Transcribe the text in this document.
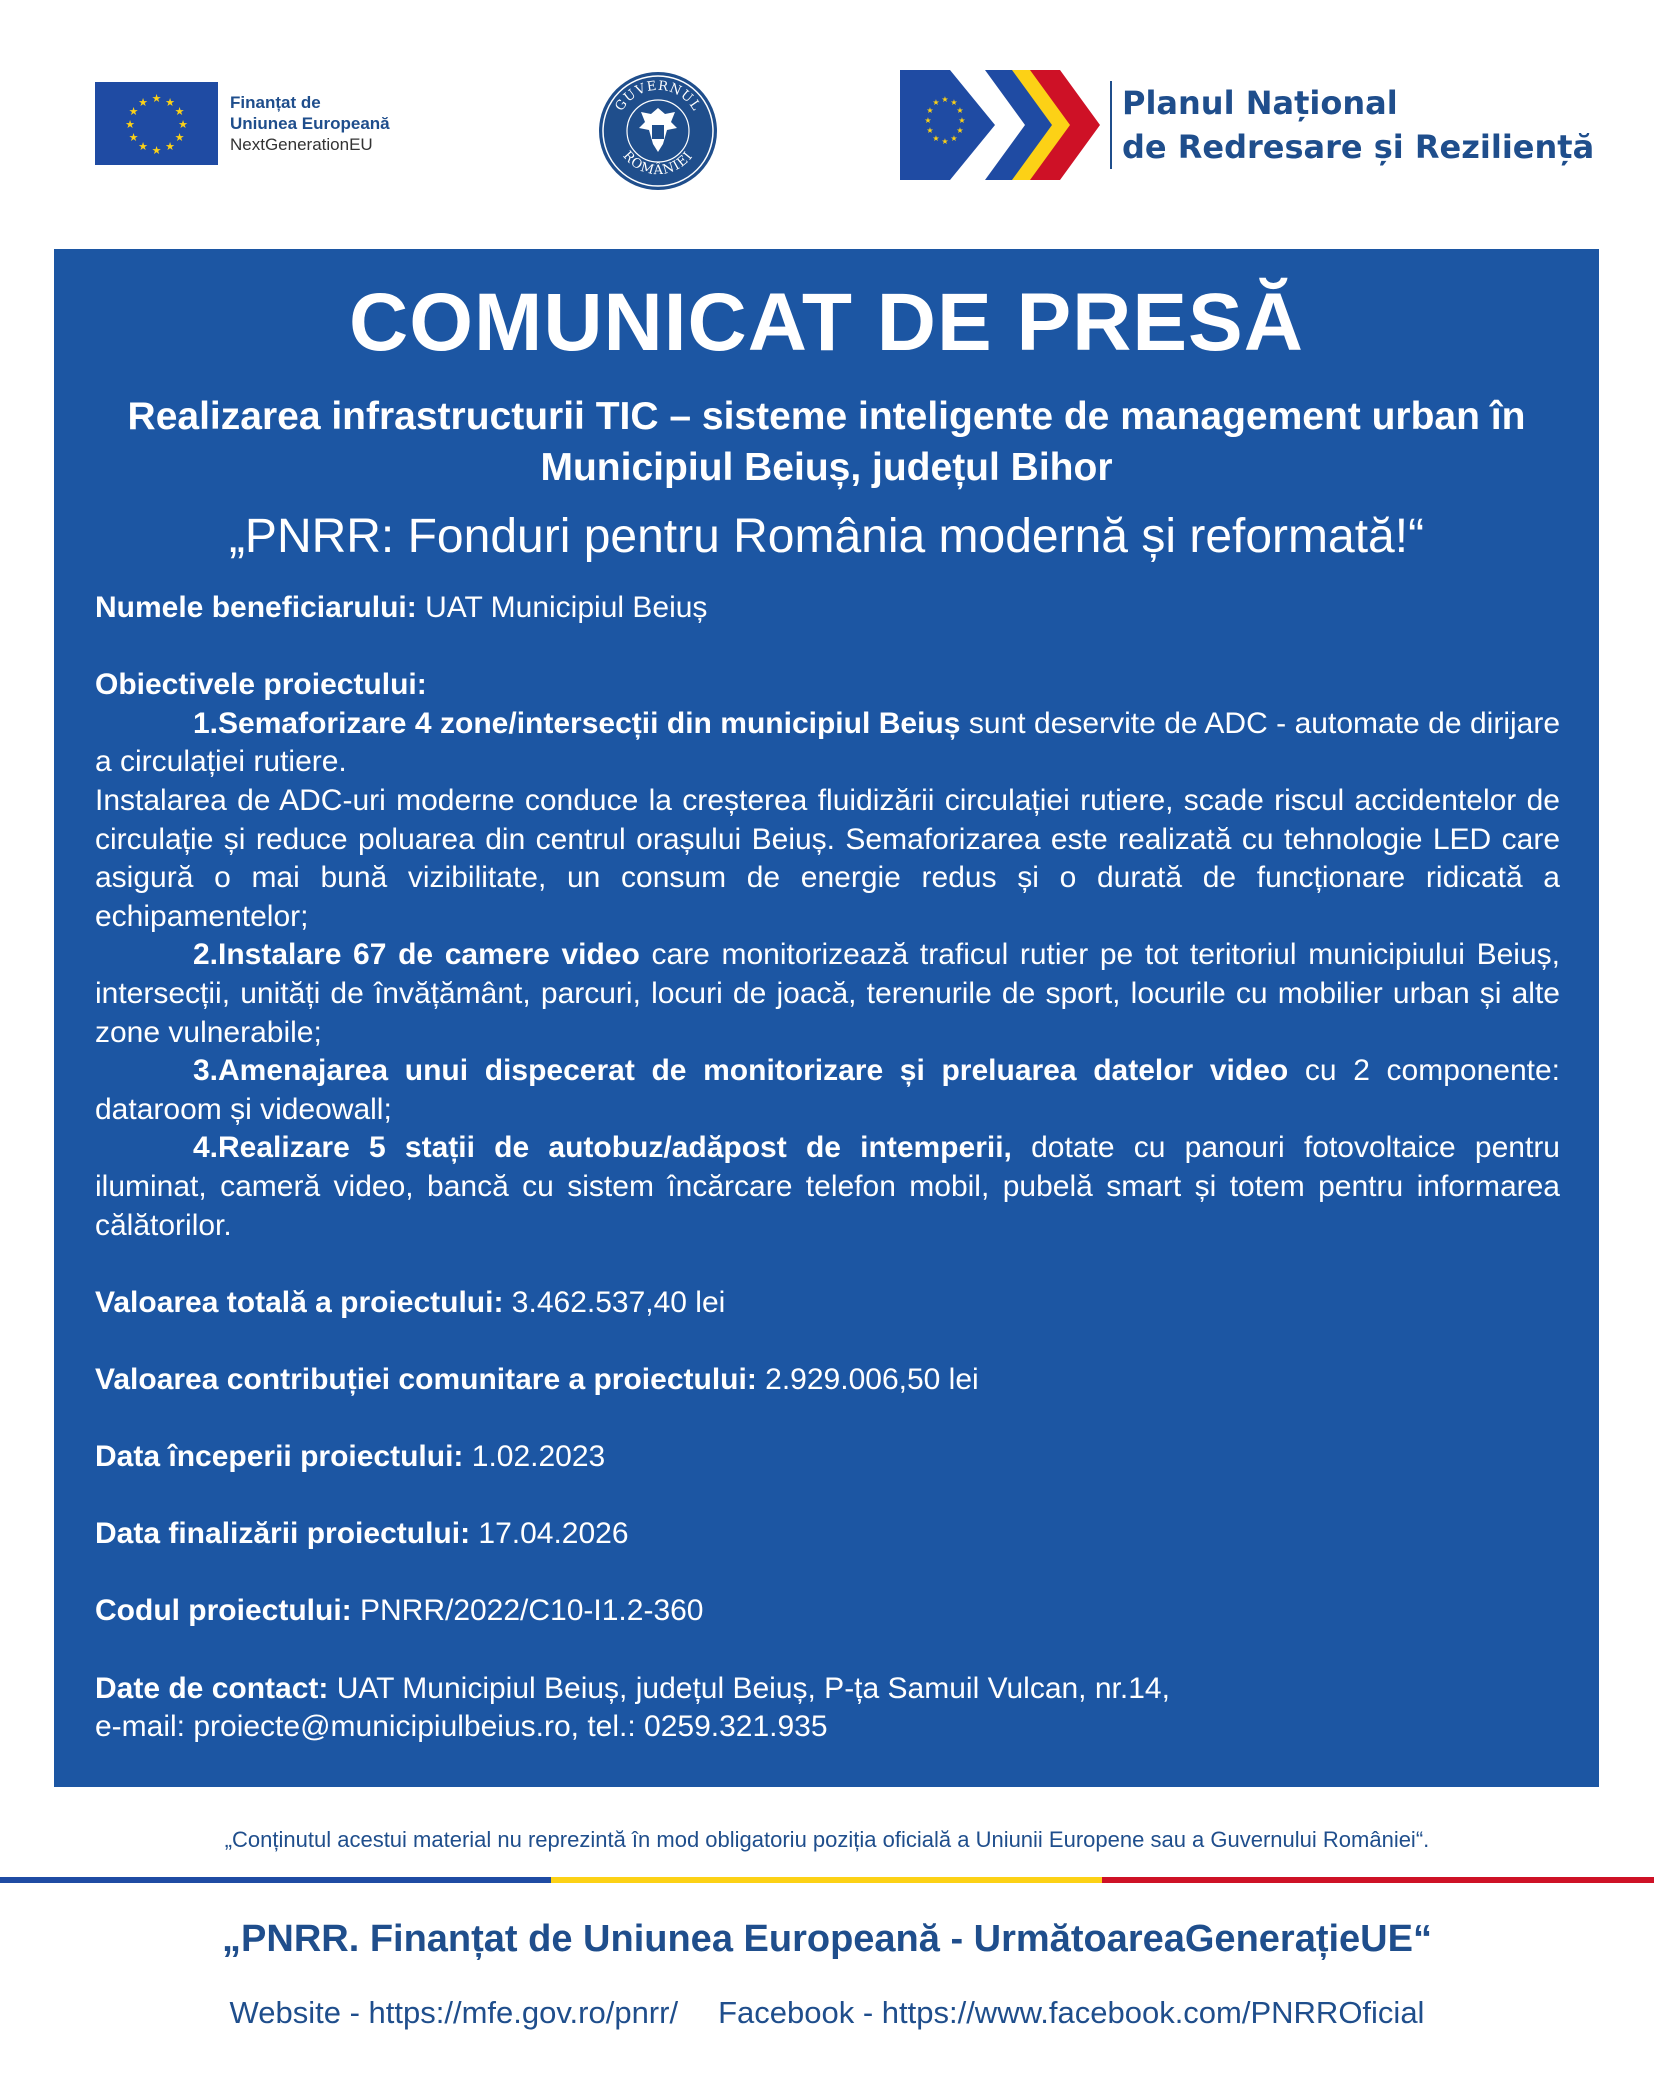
★ ★
★
★
★
★
★
★
★
★
★
★	Finanțat de
Uniunea Europeană
NextGenerationEU
GUVERNUL
ROMÂNIEI
★ ★
★
★
★
★
★
★
★
★
★
★	Planul Național
de Redresare și Reziliență
COMUNICAT DE PRESĂ
Realizarea infrastructurii TIC – sisteme inteligente de management urban în Municipiul Beiuș, județul Bihor
„PNRR: Fonduri pentru România modernă și reformată!“

Numele beneficiarului: UAT Municipiul Beiuș

Obiectivele proiectului:

1.Semaforizare 4 zone/intersecții din municipiul Beiuș sunt deservite de ADC - automate de dirijare a circulației rutiere.

Instalarea de ADC-uri moderne conduce la creșterea fluidizării circulației rutiere, scade riscul accidentelor de circulație și reduce poluarea din centrul orașului Beiuș. Semaforizarea este realizată cu tehnologie LED care asigură o mai bună vizibilitate, un consum de energie redus și o durată de funcționare ridicată a echipamentelor;

2.Instalare 67 de camere video care monitorizează traficul rutier pe tot teritoriul municipiului Beiuș, intersecții, unități de învățământ, parcuri, locuri de joacă, terenurile de sport, locurile cu mobilier urban și alte zone vulnerabile;

3.Amenajarea unui dispecerat de monitorizare și preluarea datelor video cu 2 componente: dataroom și videowall;

4.Realizare 5 stații de autobuz/adăpost de intemperii, dotate cu panouri fotovoltaice pentru iluminat, cameră video, bancă cu sistem încărcare telefon mobil, pubelă smart și totem pentru informarea călătorilor.

Valoarea totală a proiectului: 3.462.537,40 lei

Valoarea contribuției comunitare a proiectului: 2.929.006,50 lei

Data începerii proiectului: 1.02.2023

Data finalizării proiectului: 17.04.2026

Codul proiectului: PNRR/2022/C10-I1.2-360

Date de contact: UAT Municipiul Beiuș, județul Beiuș, P-ța Samuil Vulcan, nr.14,

e-mail: proiecte@municipiulbeius.ro, tel.: 0259.321.935

„Conținutul acestui material nu reprezintă în mod obligatoriu poziția oficială a Uniunii Europene sau a Guvernului României“.
„PNRR. Finanțat de Uniunea Europeană - UrmătoareaGenerațieUE“
Website - https://mfe.gov.ro/pnrr/ Facebook - https://www.facebook.com/PNRROficial
